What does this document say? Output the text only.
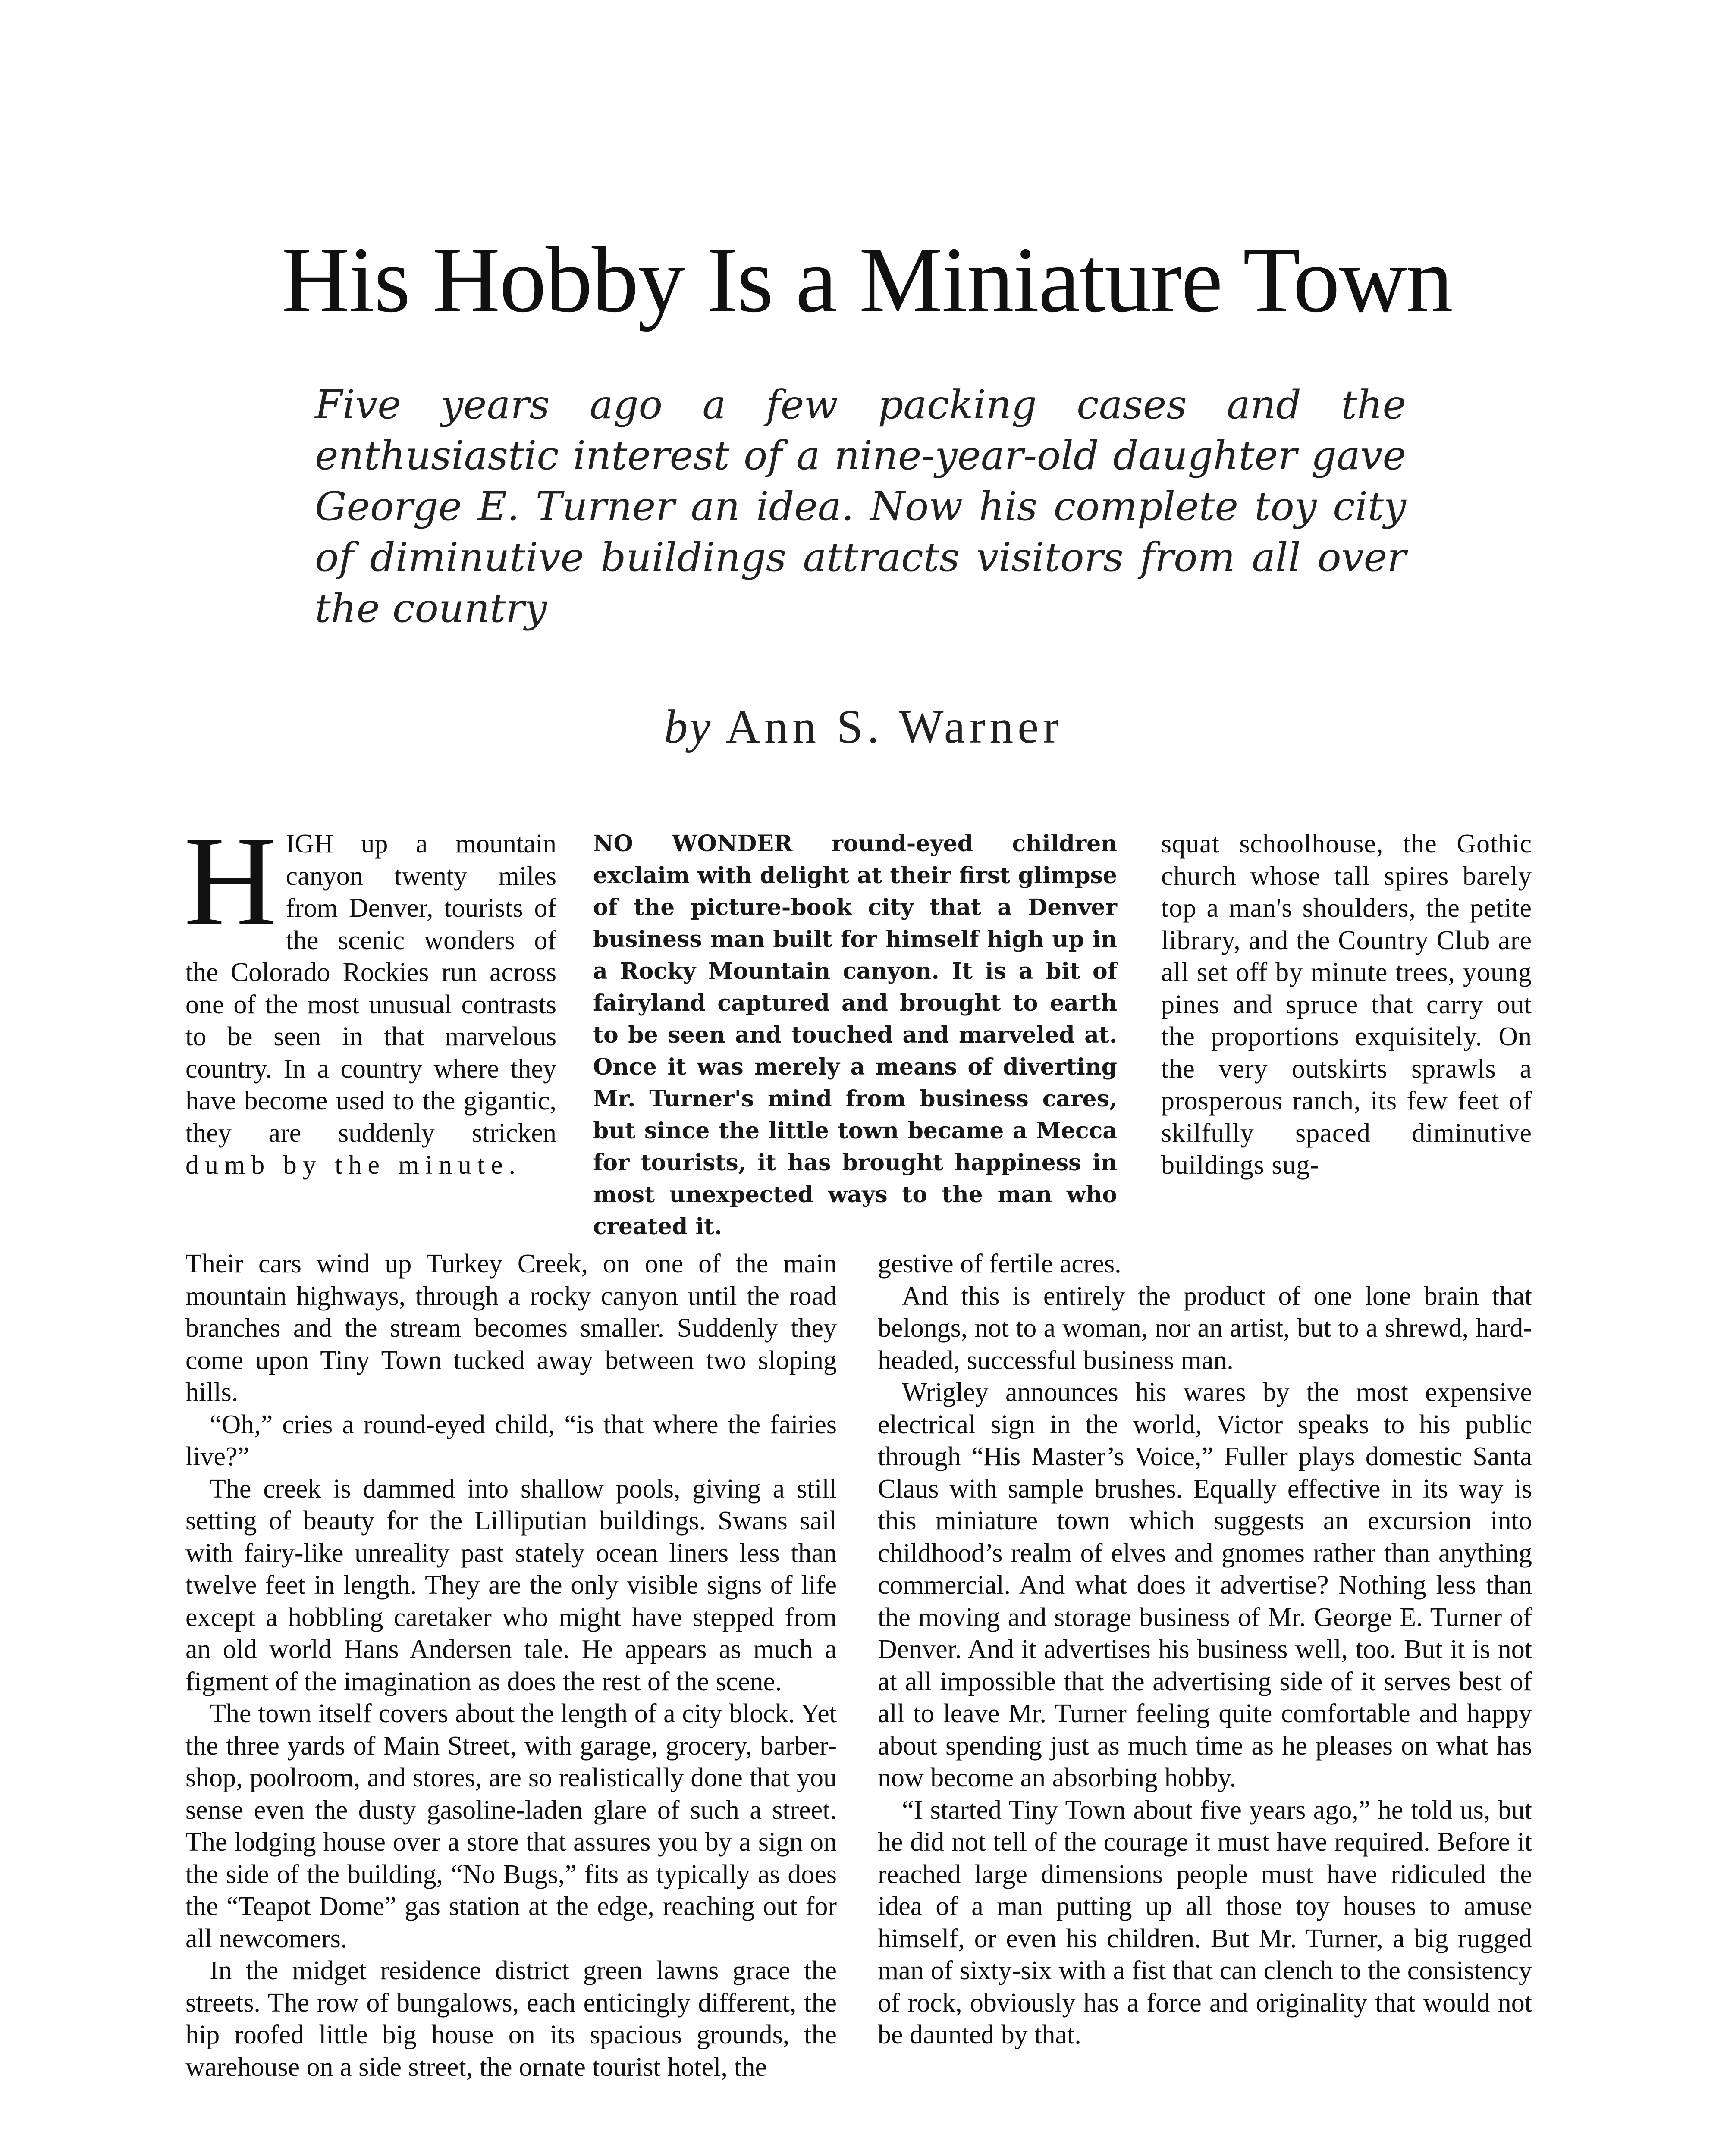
His Hobby Is a Miniature Town
Five years ago a few packing cases and the enthusiastic interest of a nine-year-old daughter gave George E. Turner an idea. Now his complete toy city of diminutive buildings attracts visitors from all over the country
by Ann S. Warner

HIGH up a mountain canyon twenty miles from Denver, tourists of the scenic wonders of the Colorado Rockies run across one of the most unusual contrasts to be seen in that marvelous country. In a country where they have become used to the gigantic, they are suddenly stricken dumb by the minute.

NO WONDER round-eyed children exclaim with delight at their first glimpse of the picture-book city that a Denver business man built for himself high up in a Rocky Mountain canyon. It is a bit of fairyland captured and brought to earth to be seen and touched and marveled at. Once it was merely a means of diverting Mr. Turner's mind from business cares, but since the little town became a Mecca for tourists, it has brought happiness in most unexpected ways to the man who created it.

squat schoolhouse, the Gothic church whose tall spires barely top a man's shoulders, the petite library, and the Country Club are all set off by minute trees, young pines and spruce that carry out the proportions exquisitely. On the very outskirts sprawls a prosperous ranch, its few feet of skilfully spaced diminutive buildings sug-

Their cars wind up Turkey Creek, on one of the main mountain highways, through a rocky canyon until the road branches and the stream becomes smaller. Suddenly they come upon Tiny Town tucked away between two sloping hills.

“Oh,” cries a round-eyed child, “is that where the fairies live?”

The creek is dammed into shallow pools, giving a still setting of beauty for the Lilliputian buildings. Swans sail with fairy-like unreality past stately ocean liners less than twelve feet in length. They are the only visible signs of life except a hobbling caretaker who might have stepped from an old world Hans Andersen tale. He appears as much a figment of the imagination as does the rest of the scene.

The town itself covers about the length of a city block. Yet the three yards of Main Street, with garage, grocery, barber-shop, poolroom, and stores, are so realistically done that you sense even the dusty gasoline-laden glare of such a street. The lodging house over a store that assures you by a sign on the side of the building, “No Bugs,” fits as typically as does the “Teapot Dome” gas station at the edge, reaching out for all newcomers.

In the midget residence district green lawns grace the streets. The row of bungalows, each enticingly different, the hip roofed little big house on its spacious grounds, the warehouse on a side street, the ornate tourist hotel, the

gestive of fertile acres.

And this is entirely the product of one lone brain that belongs, not to a woman, nor an artist, but to a shrewd, hard-headed, successful business man.

Wrigley announces his wares by the most expensive electrical sign in the world, Victor speaks to his public through “His Master’s Voice,” Fuller plays domestic Santa Claus with sample brushes. Equally effective in its way is this miniature town which suggests an excursion into childhood’s realm of elves and gnomes rather than anything commercial. And what does it advertise? Nothing less than the moving and storage business of Mr. George E. Turner of Denver. And it advertises his business well, too. But it is not at all impossible that the advertising side of it serves best of all to leave Mr. Turner feeling quite comfortable and happy about spending just as much time as he pleases on what has now become an absorbing hobby.

“I started Tiny Town about five years ago,” he told us, but he did not tell of the courage it must have required. Before it reached large dimensions people must have ridiculed the idea of a man putting up all those toy houses to amuse himself, or even his children. But Mr. Turner, a big rugged man of sixty-six with a fist that can clench to the consistency of rock, obviously has a force and originality that would not be daunted by that.
